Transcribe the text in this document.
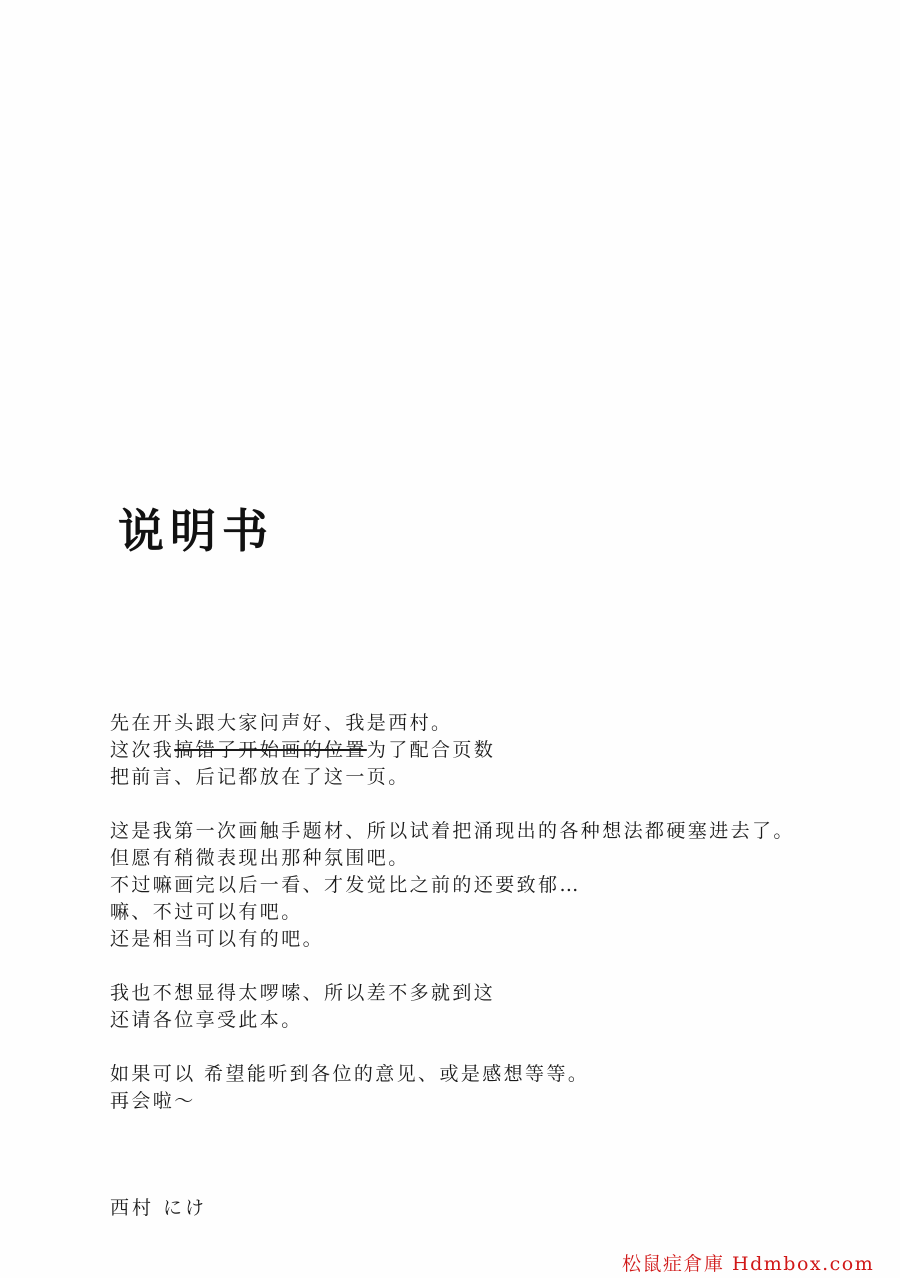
说明书
先在开头跟大家问声好、我是西村。
这次我搞错了开始画的位置为了配合页数
把前言、后记都放在了这一页。
这是我第一次画触手题材、所以试着把涌现出的各种想法都硬塞进去了。
但愿有稍微表现出那种氛围吧。
不过嘛画完以后一看、才发觉比之前的还要致郁…
嘛、不过可以有吧。
还是相当可以有的吧。
我也不想显得太啰嗦、所以差不多就到这
还请各位享受此本。
如果可以 希望能听到各位的意见、或是感想等等。
再会啦～
西村 にけ
松鼠症倉庫 Hdmbox.com
